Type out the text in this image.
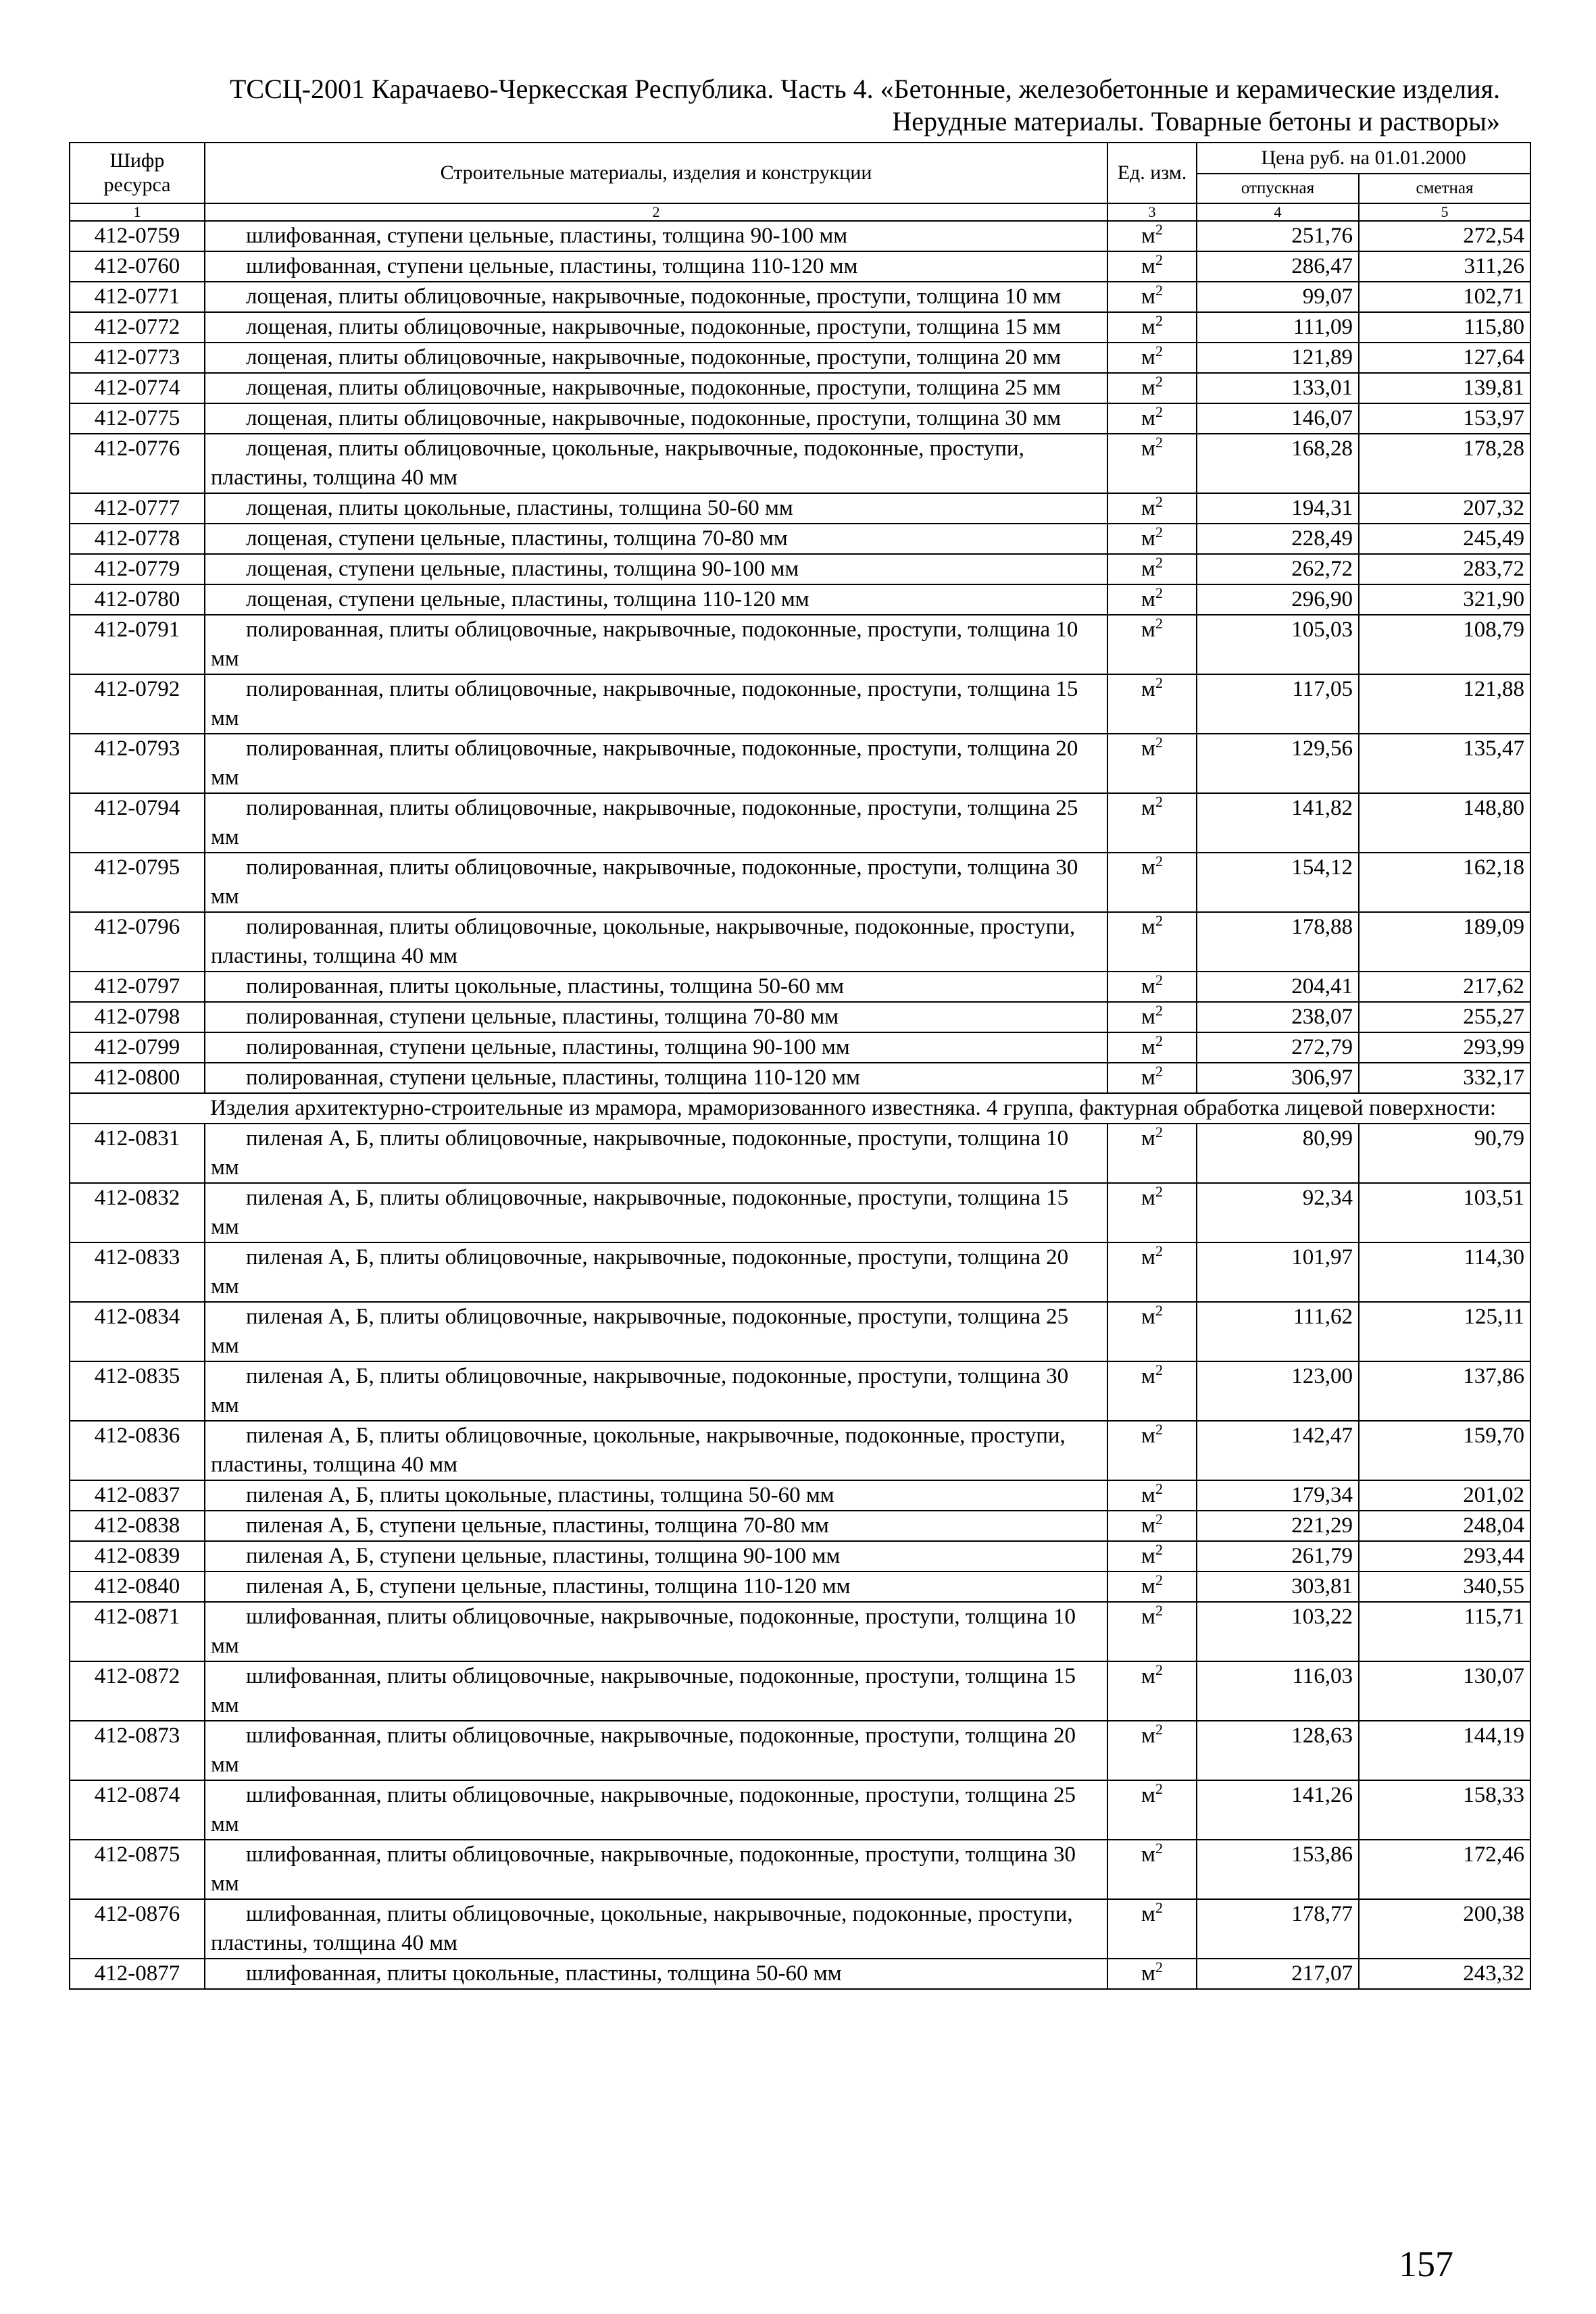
ТССЦ-2001 Карачаево-Черкесская Республика. Часть 4. «Бетонные, железобетонные и керамические изделия.
Нерудные материалы. Товарные бетоны и растворы»
Шифр ресурса	Строительные материалы, изделия и конструкции	Ед. изм.	Цена руб. на 01.01.2000	
			отпускная	сметная
1	2	3	4	5
412-0759	шлифованная, ступени цельные, пластины, толщина 90-100 мм	$м^2$	251,76	272,54
412-0760	шлифованная, ступени цельные, пластины, толщина 110-120 мм	$м^2$	286,47	311,26
412-0771	лощеная, плиты облицовочные, накрывочные, подоконные, проступи, толщина 10 мм	$м^2$	99,07	102,71
412-0772	лощеная, плиты облицовочные, накрывочные, подоконные, проступи, толщина 15 мм	$м^2$	111,09	115,80
412-0773	лощеная, плиты облицовочные, накрывочные, подоконные, проступи, толщина 20 мм	$м^2$	121,89	127,64
412-0774	лощеная, плиты облицовочные, накрывочные, подоконные, проступи, толщина 25 мм	$м^2$	133,01	139,81
412-0775	лощеная, плиты облицовочные, накрывочные, подоконные, проступи, толщина 30 мм	$м^2$	146,07	153,97
412-0776	лощеная, плиты облицовочные, цокольные, накрывочные, подоконные, проступи, пластины, толщина 40 мм	$м^2$	168,28	178,28
412-0777	лощеная, плиты цокольные, пластины, толщина 50-60 мм	$м^2$	194,31	207,32
412-0778	лощеная, ступени цельные, пластины, толщина 70-80 мм	$м^2$	228,49	245,49
412-0779	лощеная, ступени цельные, пластины, толщина 90-100 мм	$м^2$	262,72	283,72
412-0780	лощеная, ступени цельные, пластины, толщина 110-120 мм	$м^2$	296,90	321,90
412-0791	полированная, плиты облицовочные, накрывочные, подоконные, проступи, толщина 10 мм	$м^2$	105,03	108,79
412-0792	полированная, плиты облицовочные, накрывочные, подоконные, проступи, толщина 15 мм	$м^2$	117,05	121,88
412-0793	полированная, плиты облицовочные, накрывочные, подоконные, проступи, толщина 20 мм	$м^2$	129,56	135,47
412-0794	полированная, плиты облицовочные, накрывочные, подоконные, проступи, толщина 25 мм	$м^2$	141,82	148,80
412-0795	полированная, плиты облицовочные, накрывочные, подоконные, проступи, толщина 30 мм	$м^2$	154,12	162,18
412-0796	полированная, плиты облицовочные, цокольные, накрывочные, подоконные, проступи, пластины, толщина 40 мм	$м^2$	178,88	189,09
412-0797	полированная, плиты цокольные, пластины, толщина 50-60 мм	$м^2$	204,41	217,62
412-0798	полированная, ступени цельные, пластины, толщина 70-80 мм	$м^2$	238,07	255,27
412-0799	полированная, ступени цельные, пластины, толщина 90-100 мм	$м^2$	272,79	293,99
412-0800	полированная, ступени цельные, пластины, толщина 110-120 мм	$м^2$	306,97	332,17
	Изделия архитектурно-строительные из мрамора, мраморизованного известняка. 4 группа, фактурная обработка лицевой поверхности:			
412-0831	пиленая А, Б, плиты облицовочные, накрывочные, подоконные, проступи, толщина 10 мм	$м^2$	80,99	90,79
412-0832	пиленая А, Б, плиты облицовочные, накрывочные, подоконные, проступи, толщина 15 мм	$м^2$	92,34	103,51
412-0833	пиленая А, Б, плиты облицовочные, накрывочные, подоконные, проступи, толщина 20 мм	$м^2$	101,97	114,30
412-0834	пиленая А, Б, плиты облицовочные, накрывочные, подоконные, проступи, толщина 25 мм	$м^2$	111,62	125,11
412-0835	пиленая А, Б, плиты облицовочные, накрывочные, подоконные, проступи, толщина 30 мм	$м^2$	123,00	137,86
412-0836	пиленая А, Б, плиты облицовочные, цокольные, накрывочные, подоконные, проступи, пластины, толщина 40 мм	$м^2$	142,47	159,70
412-0837	пиленая А, Б, плиты цокольные, пластины, толщина 50-60 мм	$м^2$	179,34	201,02
412-0838	пиленая А, Б, ступени цельные, пластины, толщина 70-80 мм	$м^2$	221,29	248,04
412-0839	пиленая А, Б, ступени цельные, пластины, толщина 90-100 мм	$м^2$	261,79	293,44
412-0840	пиленая А, Б, ступени цельные, пластины, толщина 110-120 мм	$м^2$	303,81	340,55
412-0871	шлифованная, плиты облицовочные, накрывочные, подоконные, проступи, толщина 10 мм	$м^2$	103,22	115,71
412-0872	шлифованная, плиты облицовочные, накрывочные, подоконные, проступи, толщина 15 мм	$м^2$	116,03	130,07
412-0873	шлифованная, плиты облицовочные, накрывочные, подоконные, проступи, толщина 20 мм	$м^2$	128,63	144,19
412-0874	шлифованная, плиты облицовочные, накрывочные, подоконные, проступи, толщина 25 мм	$м^2$	141,26	158,33
412-0875	шлифованная, плиты облицовочные, накрывочные, подоконные, проступи, толщина 30 мм	$м^2$	153,86	172,46
412-0876	шлифованная, плиты облицовочные, цокольные, накрывочные, подоконные, проступи, пластины, толщина 40 мм	$м^2$	178,77	200,38
412-0877	шлифованная, плиты цокольные, пластины, толщина 50-60 мм	$м^2$	217,07	243,32
157
